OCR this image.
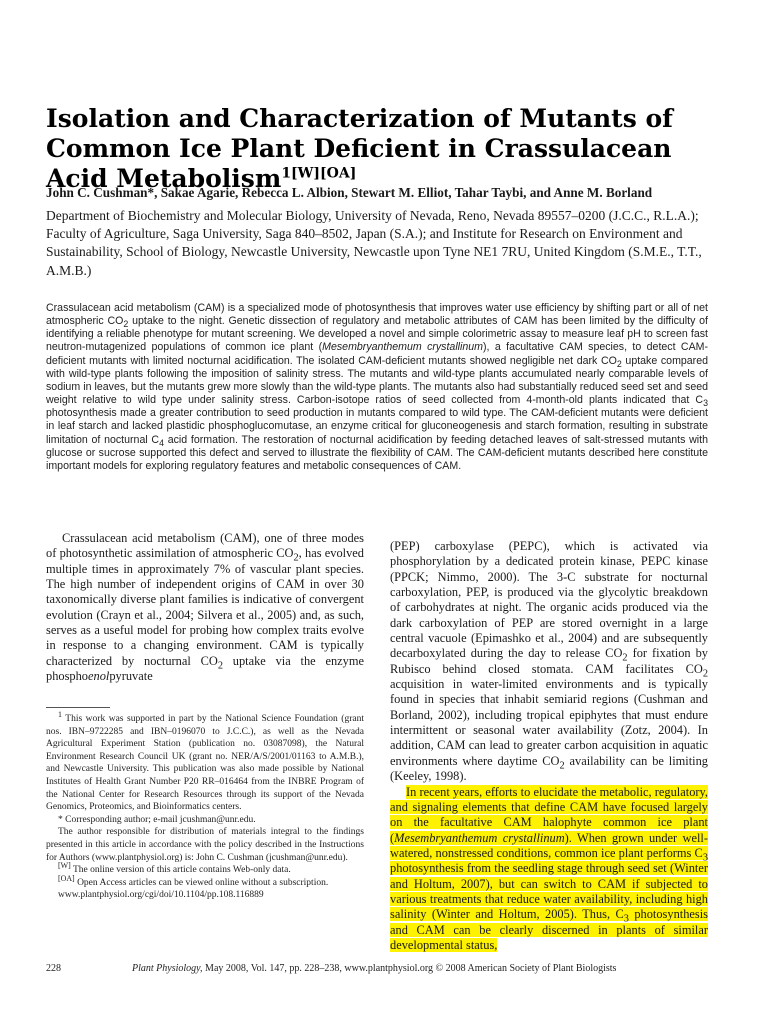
Isolation and Characterization of Mutants of Common Ice Plant Deficient in Crassulacean Acid Metabolism$^{1[W][OA]}$
John C. Cushman*, Sakae Agarie, Rebecca L. Albion, Stewart M. Elliot, Tahar Taybi, and Anne M. Borland
Department of Biochemistry and Molecular Biology, University of Nevada, Reno, Nevada 89557–0200 (J.C.C., R.L.A.); Faculty of Agriculture, Saga University, Saga 840–8502, Japan (S.A.); and Institute for Research on Environment and Sustainability, School of Biology, Newcastle University, Newcastle upon Tyne NE1 7RU, United Kingdom (S.M.E., T.T., A.M.B.)
Crassulacean acid metabolism (CAM) is a specialized mode of photosynthesis that improves water use efficiency by shifting part or all of net atmospheric $CO_2$ uptake to the night. Genetic dissection of regulatory and metabolic attributes of CAM has been limited by the difficulty of identifying a reliable phenotype for mutant screening. We developed a novel and simple colorimetric assay to measure leaf pH to screen fast neutron-mutagenized populations of common ice plant (Mesembryanthemum crystallinum), a facultative CAM species, to detect CAM-deficient mutants with limited nocturnal acidification. The isolated CAM-deficient mutants showed negligible net dark $CO_2$ uptake compared with wild-type plants following the imposition of salinity stress. The mutants and wild-type plants accumulated nearly comparable levels of sodium in leaves, but the mutants grew more slowly than the wild-type plants. The mutants also had substantially reduced seed set and seed weight relative to wild type under salinity stress. Carbon-isotope ratios of seed collected from 4-month-old plants indicated that $C_3$ photosynthesis made a greater contribution to seed production in mutants compared to wild type. The CAM-deficient mutants were deficient in leaf starch and lacked plastidic phosphoglucomutase, an enzyme critical for gluconeogenesis and starch formation, resulting in substrate limitation of nocturnal $C_4$ acid formation. The restoration of nocturnal acidification by feeding detached leaves of salt-stressed mutants with glucose or sucrose supported this defect and served to illustrate the flexibility of CAM. The CAM-deficient mutants described here constitute important models for exploring regulatory features and metabolic consequences of CAM.

Crassulacean acid metabolism (CAM), one of three modes of photosynthetic assimilation of atmospheric $CO_2$, has evolved multiple times in approximately 7% of vascular plant species. The high number of independent origins of CAM in over 30 taxonomically diverse plant families is indicative of convergent evolution (Crayn et al., 2004; Silvera et al., 2005) and, as such, serves as a useful model for probing how complex traits evolve in response to a changing environment. CAM is typically characterized by nocturnal $CO_2$ uptake via the enzyme phosphoenolpyruvate

$^1$ This work was supported in part by the National Science Foundation (grant nos. IBN–9722285 and IBN–0196070 to J.C.C.), as well as the Nevada Agricultural Experiment Station (publication no. 03087098), the Natural Environment Research Council UK (grant no. NER/A/S/2001/01163 to A.M.B.), and Newcastle University. This publication was also made possible by National Institutes of Health Grant Number P20 RR–016464 from the INBRE Program of the National Center for Research Resources through its support of the Nevada Genomics, Proteomics, and Bioinformatics centers.

* Corresponding author; e-mail jcushman@unr.edu.

The author responsible for distribution of materials integral to the findings presented in this article in accordance with the policy described in the Instructions for Authors (www.plantphysiol.org) is: John C. Cushman (jcushman@unr.edu).

[W] The online version of this article contains Web-only data.

[OA] Open Access articles can be viewed online without a subscription.

www.plantphysiol.org/cgi/doi/10.1104/pp.108.116889

(PEP) carboxylase (PEPC), which is activated via phosphorylation by a dedicated protein kinase, PEPC kinase (PPCK; Nimmo, 2000). The 3-C substrate for nocturnal carboxylation, PEP, is produced via the glycolytic breakdown of carbohydrates at night. The organic acids produced via the dark carboxylation of PEP are stored overnight in a large central vacuole (Epimashko et al., 2004) and are subsequently decarboxylated during the day to release $CO_2$ for fixation by Rubisco behind closed stomata. CAM facilitates $CO_2$ acquisition in water-limited environments and is typically found in species that inhabit semiarid regions (Cushman and Borland, 2002), including tropical epiphytes that must endure intermittent or seasonal water availability (Zotz, 2004). In addition, CAM can lead to greater carbon acquisition in aquatic environments where daytime $CO_2$ availability can be limiting (Keeley, 1998).

In recent years, efforts to elucidate the metabolic, regulatory, and signaling elements that define CAM have focused largely on the facultative CAM halophyte common ice plant (Mesembryanthemum crystallinum). When grown under well-watered, nonstressed conditions, common ice plant performs $C_3$ photosynthesis from the seedling stage through seed set (Winter and Holtum, 2007), but can switch to CAM if subjected to various treatments that reduce water availability, including high salinity (Winter and Holtum, 2005). Thus, $C_3$ photosynthesis and CAM can be clearly discerned in plants of similar developmental status,

228	Plant Physiology, May 2008, Vol. 147, pp. 228–238, www.plantphysiol.org © 2008 American Society of Plant Biologists
